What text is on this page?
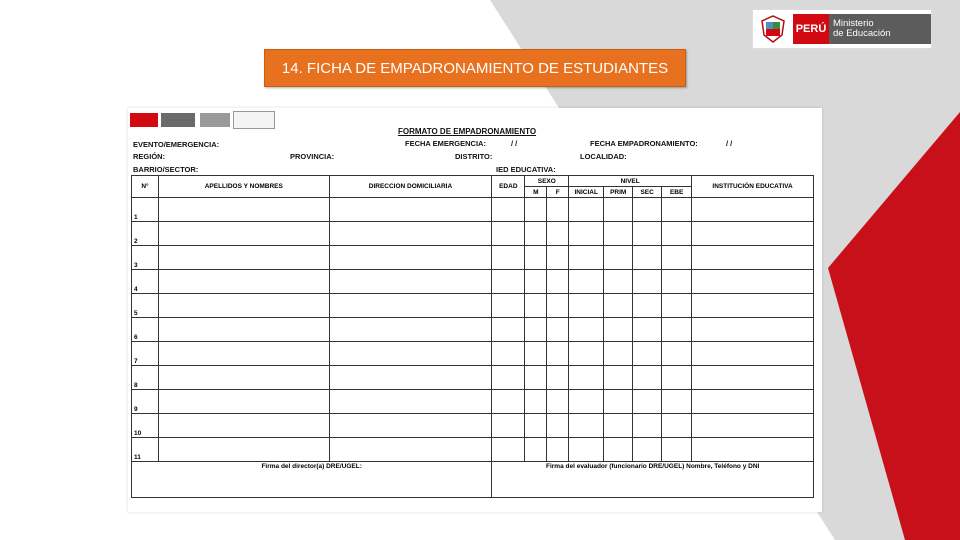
PERÚ Ministerio
de Educación
14. FICHA DE EMPADRONAMIENTO DE ESTUDIANTES
FORMATO DE EMPADRONAMIENTO
EVENTO/EMERGENCIA:	FECHA EMERGENCIA:	/ /	FECHA EMPADRONAMIENTO:	/ /
REGIÓN:	PROVINCIA:	DISTRITO:	LOCALIDAD:
BARRIO/SECTOR:	IED EDUCATIVA:
N°	APELLIDOS Y NOMBRES	DIRECCION DOMICILIARIA	EDAD	SEXO		NIVEL				INSTITUCIÓN EDUCATIVA
				M	F	INICIAL	PRIM	SEC	EBE	
1										
2										
3										
4										
5										
6										
7										
8										
9										
10										
11										
Firma del director(a) DRE/UGEL:			Firma del evaluador (funcionario DRE/UGEL) Nombre, Teléfono y DNI							
